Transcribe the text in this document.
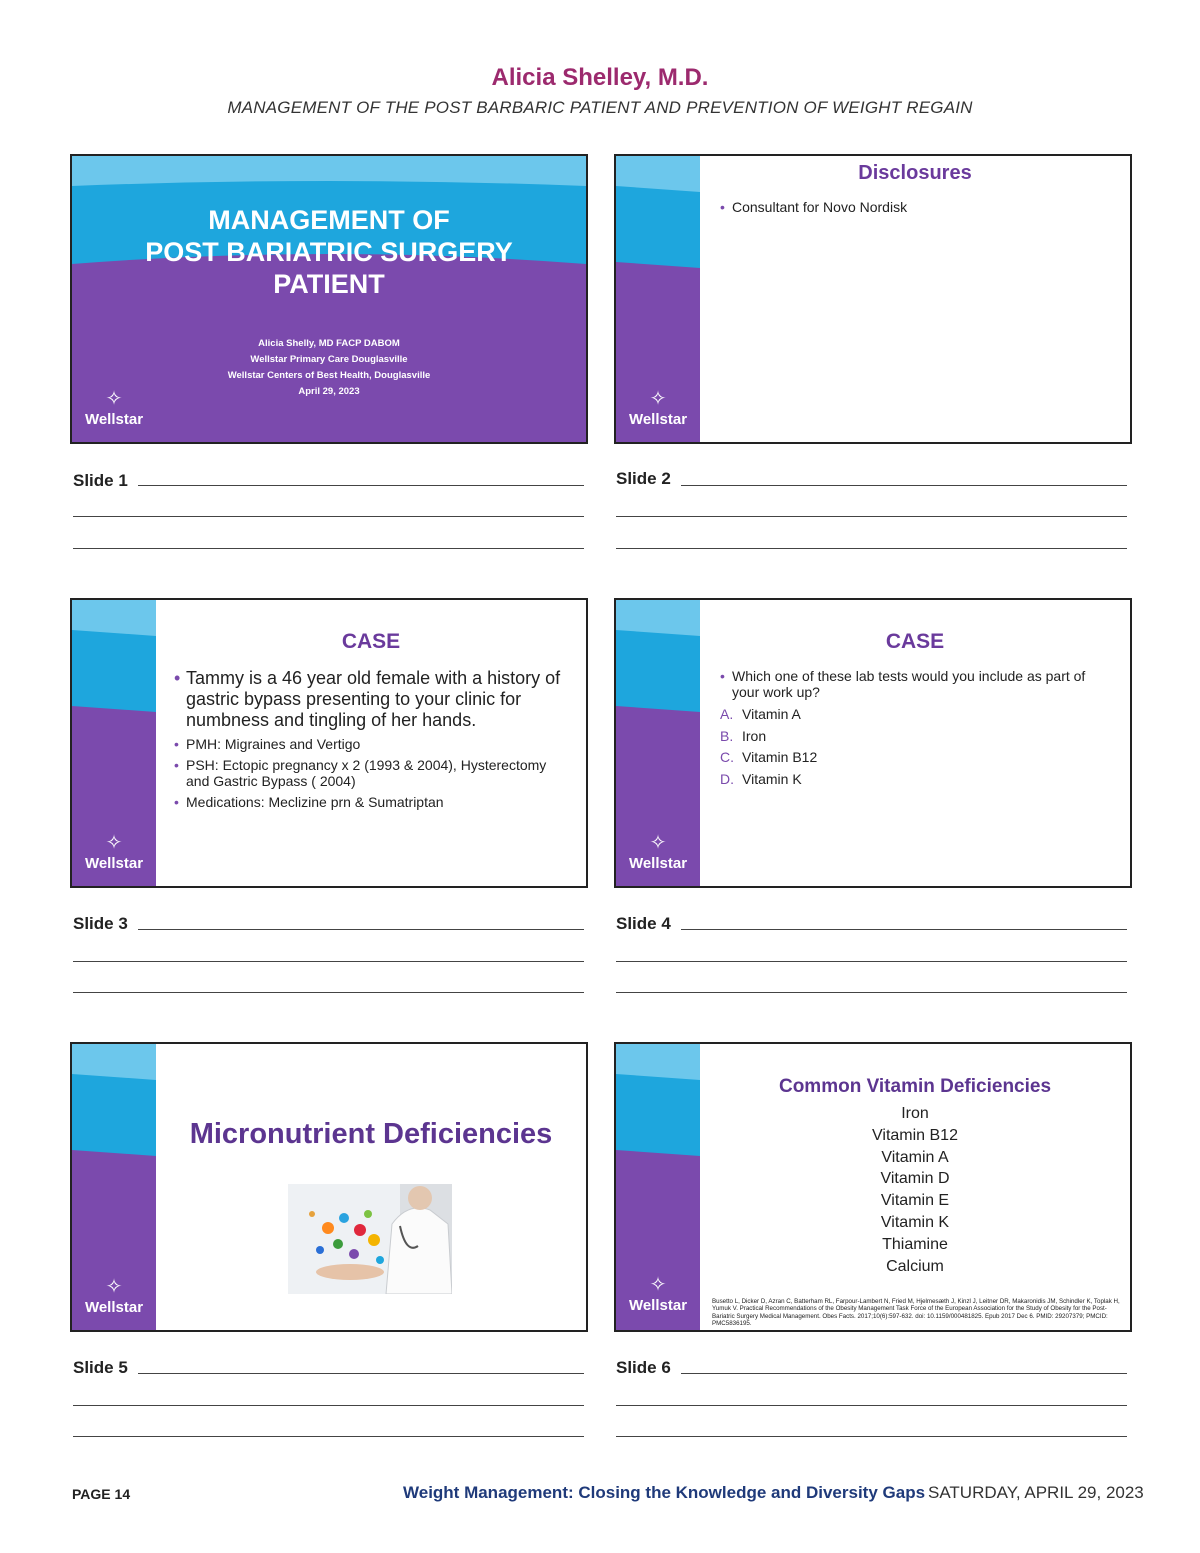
Alicia Shelley, M.D.
MANAGEMENT OF THE POST BARBARIC PATIENT AND PREVENTION OF WEIGHT REGAIN
MANAGEMENT OF
POST BARIATRIC SURGERY
PATIENT
Alicia Shelly, MD FACP DABOM
Wellstar Primary Care Douglasville
Wellstar Centers of Best Health, Douglasville
April 29, 2023
✧
Wellstar
✧
Wellstar
Disclosures
• Consultant for Novo Nordisk
✧
Wellstar
CASE
• Tammy is a 46 year old female with a history of gastric bypass presenting to your clinic for numbness and tingling of her hands.
• PMH: Migraines and Vertigo
• PSH: Ectopic pregnancy x 2 (1993 & 2004), Hysterectomy and Gastric Bypass ( 2004)
• Medications: Meclizine prn & Sumatriptan
✧
Wellstar
CASE
• Which one of these lab tests would you include as part of your work up?
A. Vitamin A
B. Iron
C. Vitamin B12
D. Vitamin K
✧
Wellstar
Micronutrient Deficiencies
✧
Wellstar
Common Vitamin Deficiencies
Iron
Vitamin B12
Vitamin A
Vitamin D
Vitamin E
Vitamin K
Thiamine
Calcium
Busetto L, Dicker D, Azran C, Batterham RL, Farpour-Lambert N, Fried M, Hjelmesæth J, Kinzl J, Leitner DR, Makaronidis JM, Schindler K, Toplak H, Yumuk V. Practical Recommendations of the Obesity Management Task Force of the European Association for the Study of Obesity for the Post-Bariatric Surgery Medical Management. Obes Facts. 2017;10(6):597-632. doi: 10.1159/000481825. Epub 2017 Dec 6. PMID: 29207379; PMCID: PMC5836195.
Slide 1	Slide 2
Slide 3	Slide 4
Slide 5	Slide 6
PAGE 14	Weight Management: Closing the Knowledge and Diversity Gaps SATURDAY, APRIL 29, 2023
